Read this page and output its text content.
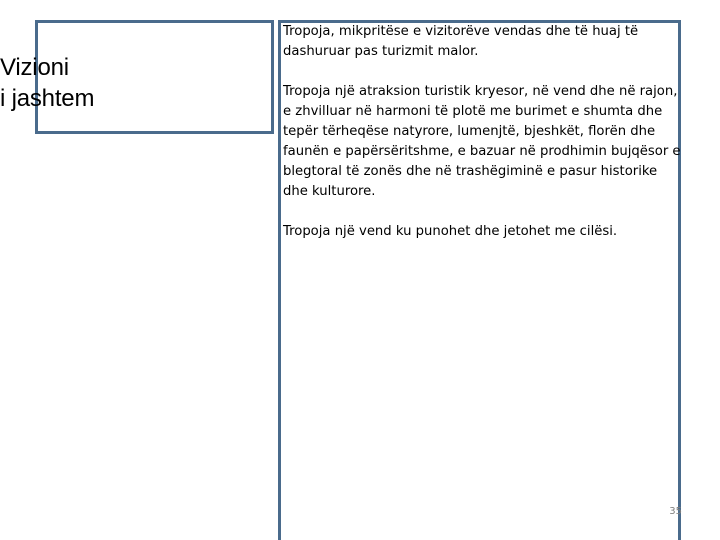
Vizioni
i jashtem

Tropoja, mikpritëse e vizitorëve vendas dhe të huaj të dashuruar pas turizmit malor.

Tropoja një atraksion turistik kryesor, në vend dhe në rajon, e zhvilluar në harmoni të plotë me burimet e shumta dhe tepër tërheqëse natyrore, lumenjtë, bjeshkët, florën dhe faunën e papërsëritshme, e bazuar në prodhimin bujqësor e blegtoral të zonës dhe në trashëgiminë e pasur historike dhe kulturore.

Tropoja një vend ku punohet dhe jetohet me cilësi.

35
